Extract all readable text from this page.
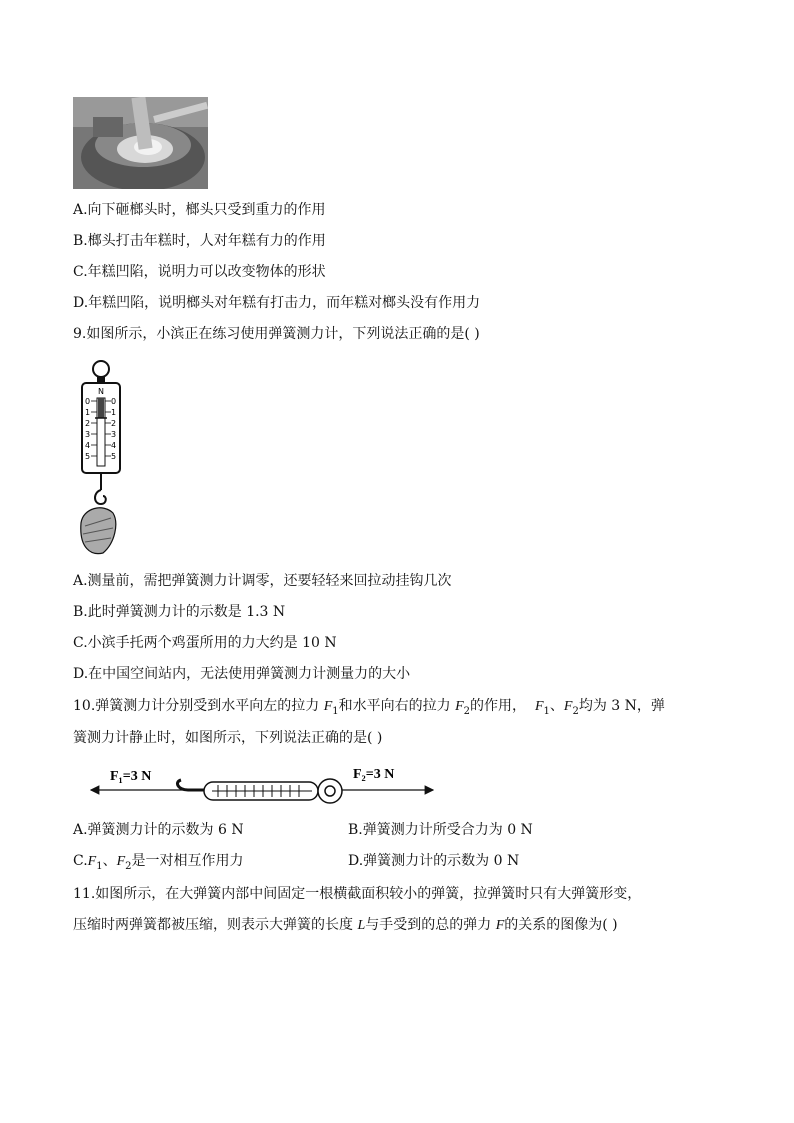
A.向下砸榔头时，榔头只受到重力的作用
B.榔头打击年糕时，人对年糕有力的作用
C.年糕凹陷，说明力可以改变物体的形状
D.年糕凹陷，说明榔头对年糕有打击力，而年糕对榔头没有作用力
9.如图所示，小滨正在练习使用弹簧测力计，下列说法正确的是( )
N
0
1
2
3
4
5
0
1
2
3
4
5
A.测量前，需把弹簧测力计调零，还要轻轻来回拉动挂钩几次
B.此时弹簧测力计的示数是 1.3 N
C.小滨手托两个鸡蛋所用的力大约是 10 N
D.在中国空间站内，无法使用弹簧测力计测量力的大小
10.弹簧测力计分别受到水平向左的拉力 $F_1$和水平向右的拉力 $F_2$的作用， $F_1$、$F_2$均为 3 N，弹
簧测力计静止时，如图所示，下列说法正确的是( )
F₁=3 N	F₂=3 N
A.弹簧测力计的示数为 6 N	B.弹簧测力计所受合力为 0 N
$C.F_1$、$F_2$是一对相互作用力	D.弹簧测力计的示数为 0 N
11.如图所示，在大弹簧内部中间固定一根横截面积较小的弹簧，拉弹簧时只有大弹簧形变，
压缩时两弹簧都被压缩，则表示大弹簧的长度 L与手受到的总的弹力 F的关系的图像为( )
